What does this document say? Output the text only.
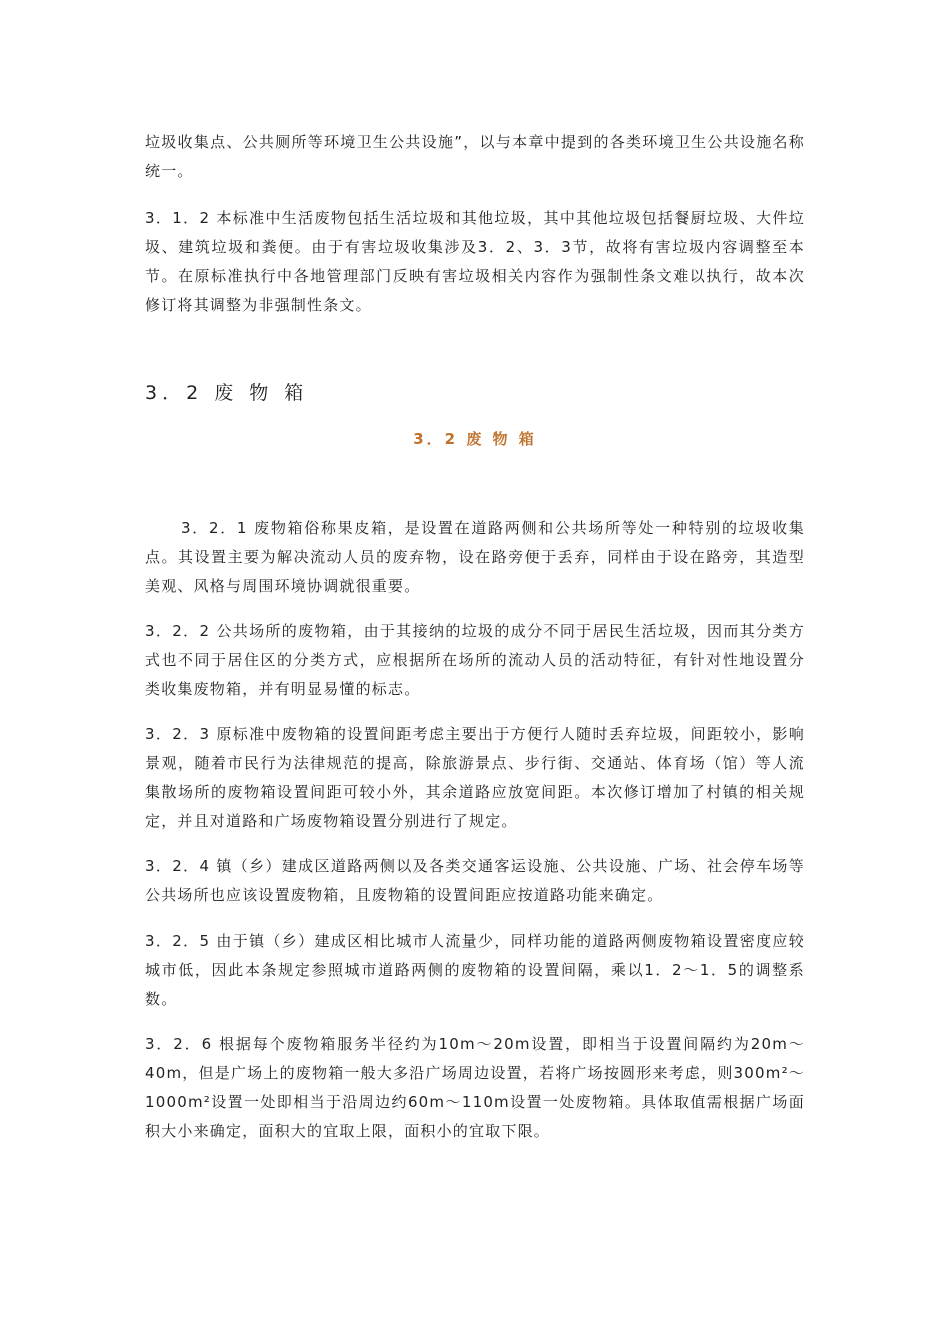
垃圾收集点、公共厕所等环境卫生公共设施”，以与本章中提到的各类环境卫生公共设施名称统一。

3．1．2 本标准中生活废物包括生活垃圾和其他垃圾，其中其他垃圾包括餐厨垃圾、大件垃圾、建筑垃圾和粪便。由于有害垃圾收集涉及3．2、3．3节，故将有害垃圾内容调整至本节。在原标准执行中各地管理部门反映有害垃圾相关内容作为强制性条文难以执行，故本次修订将其调整为非强制性条文。

3．2 废 物 箱
3．2 废 物 箱

3．2．1 废物箱俗称果皮箱，是设置在道路两侧和公共场所等处一种特别的垃圾收集点。其设置主要为解决流动人员的废弃物，设在路旁便于丢弃，同样由于设在路旁，其造型美观、风格与周围环境协调就很重要。

3．2．2 公共场所的废物箱，由于其接纳的垃圾的成分不同于居民生活垃圾，因而其分类方式也不同于居住区的分类方式，应根据所在场所的流动人员的活动特征，有针对性地设置分类收集废物箱，并有明显易懂的标志。

3．2．3 原标准中废物箱的设置间距考虑主要出于方便行人随时丢弃垃圾，间距较小，影响景观，随着市民行为法律规范的提高，除旅游景点、步行街、交通站、体育场（馆）等人流集散场所的废物箱设置间距可较小外，其余道路应放宽间距。本次修订增加了村镇的相关规定，并且对道路和广场废物箱设置分别进行了规定。

3．2．4 镇（乡）建成区道路两侧以及各类交通客运设施、公共设施、广场、社会停车场等公共场所也应该设置废物箱，且废物箱的设置间距应按道路功能来确定。

3．2．5 由于镇（乡）建成区相比城市人流量少，同样功能的道路两侧废物箱设置密度应较城市低，因此本条规定参照城市道路两侧的废物箱的设置间隔，乘以1．2～1．5的调整系数。

3．2．6 根据每个废物箱服务半径约为10m～20m设置，即相当于设置间隔约为20m～40m，但是广场上的废物箱一般大多沿广场周边设置，若将广场按圆形来考虑，则300m²～1000m²设置一处即相当于沿周边约60m～110m设置一处废物箱。具体取值需根据广场面积大小来确定，面积大的宜取上限，面积小的宜取下限。
